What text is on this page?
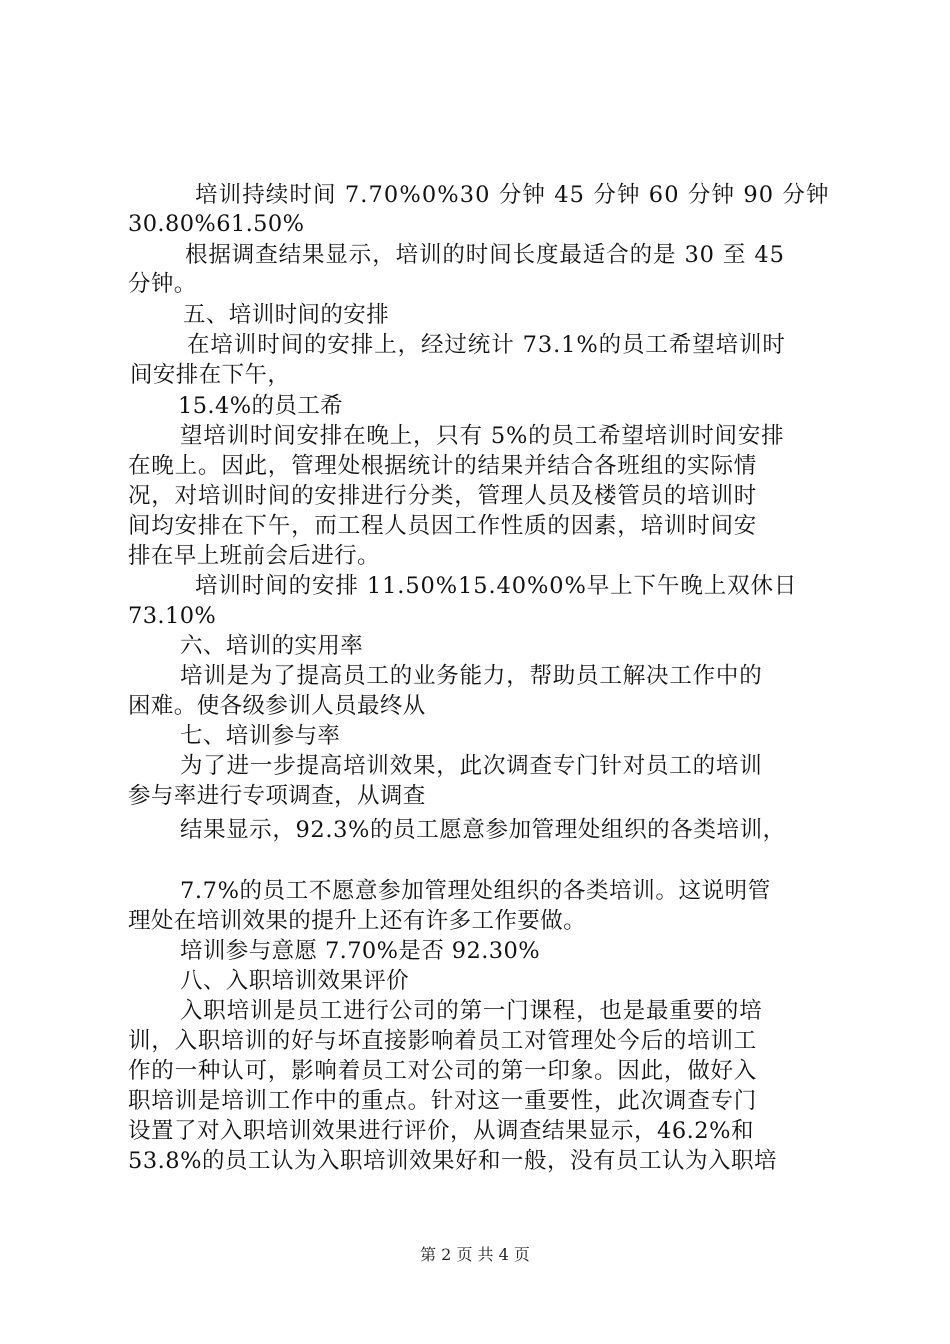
培训持续时间 7.70%0%30 分钟 45 分钟 60 分钟 90 分钟
30.80%61.50%
根据调查结果显示，培训的时间长度最适合的是 30 至 45
分钟。
五、培训时间的安排
在培训时间的安排上，经过统计 73.1%的员工希望培训时
间安排在下午，
15.4%的员工希
望培训时间安排在晚上，只有 5%的员工希望培训时间安排
在晚上。因此，管理处根据统计的结果并结合各班组的实际情
况，对培训时间的安排进行分类，管理人员及楼管员的培训时
间均安排在下午，而工程人员因工作性质的因素，培训时间安
排在早上班前会后进行。
培训时间的安排 11.50%15.40%0%早上下午晚上双休日
73.10%
六、培训的实用率
培训是为了提高员工的业务能力，帮助员工解决工作中的
困难。使各级参训人员最终从
七、培训参与率
为了进一步提高培训效果，此次调查专门针对员工的培训
参与率进行专项调查，从调查
结果显示，92.3%的员工愿意参加管理处组织的各类培训，
7.7%的员工不愿意参加管理处组织的各类培训。这说明管
理处在培训效果的提升上还有许多工作要做。
培训参与意愿 7.70%是否 92.30%
八、入职培训效果评价
入职培训是员工进行公司的第一门课程，也是最重要的培
训，入职培训的好与坏直接影响着员工对管理处今后的培训工
作的一种认可，影响着员工对公司的第一印象。因此，做好入
职培训是培训工作中的重点。针对这一重要性，此次调查专门
设置了对入职培训效果进行评价，从调查结果显示，46.2%和
53.8%的员工认为入职培训效果好和一般，没有员工认为入职培
第 2 页 共 4 页
